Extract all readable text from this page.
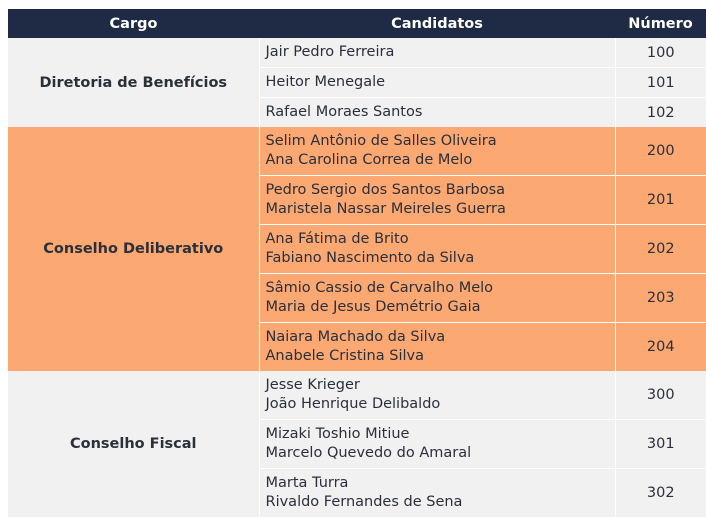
Cargo	Candidatos	Número
Diretoria de Benefícios	Jair Pedro Ferreira	100

	Heitor Menegale	101

	Rafael Moraes Santos	102
Conselho Deliberativo	Selim Antônio de Salles Oliveira
Ana Carolina Correa de Melo	200

	Pedro Sergio dos Santos Barbosa
Maristela Nassar Meireles Guerra	201

	Ana Fátima de Brito
Fabiano Nascimento da Silva	202

	Sâmio Cassio de Carvalho Melo
Maria de Jesus Demétrio Gaia	203

	Naiara Machado da Silva
Anabele Cristina Silva	204
Conselho Fiscal	Jesse Krieger
João Henrique Delibaldo	300

	Mizaki Toshio Mitiue
Marcelo Quevedo do Amaral	301

	Marta Turra
Rivaldo Fernandes de Sena	302
